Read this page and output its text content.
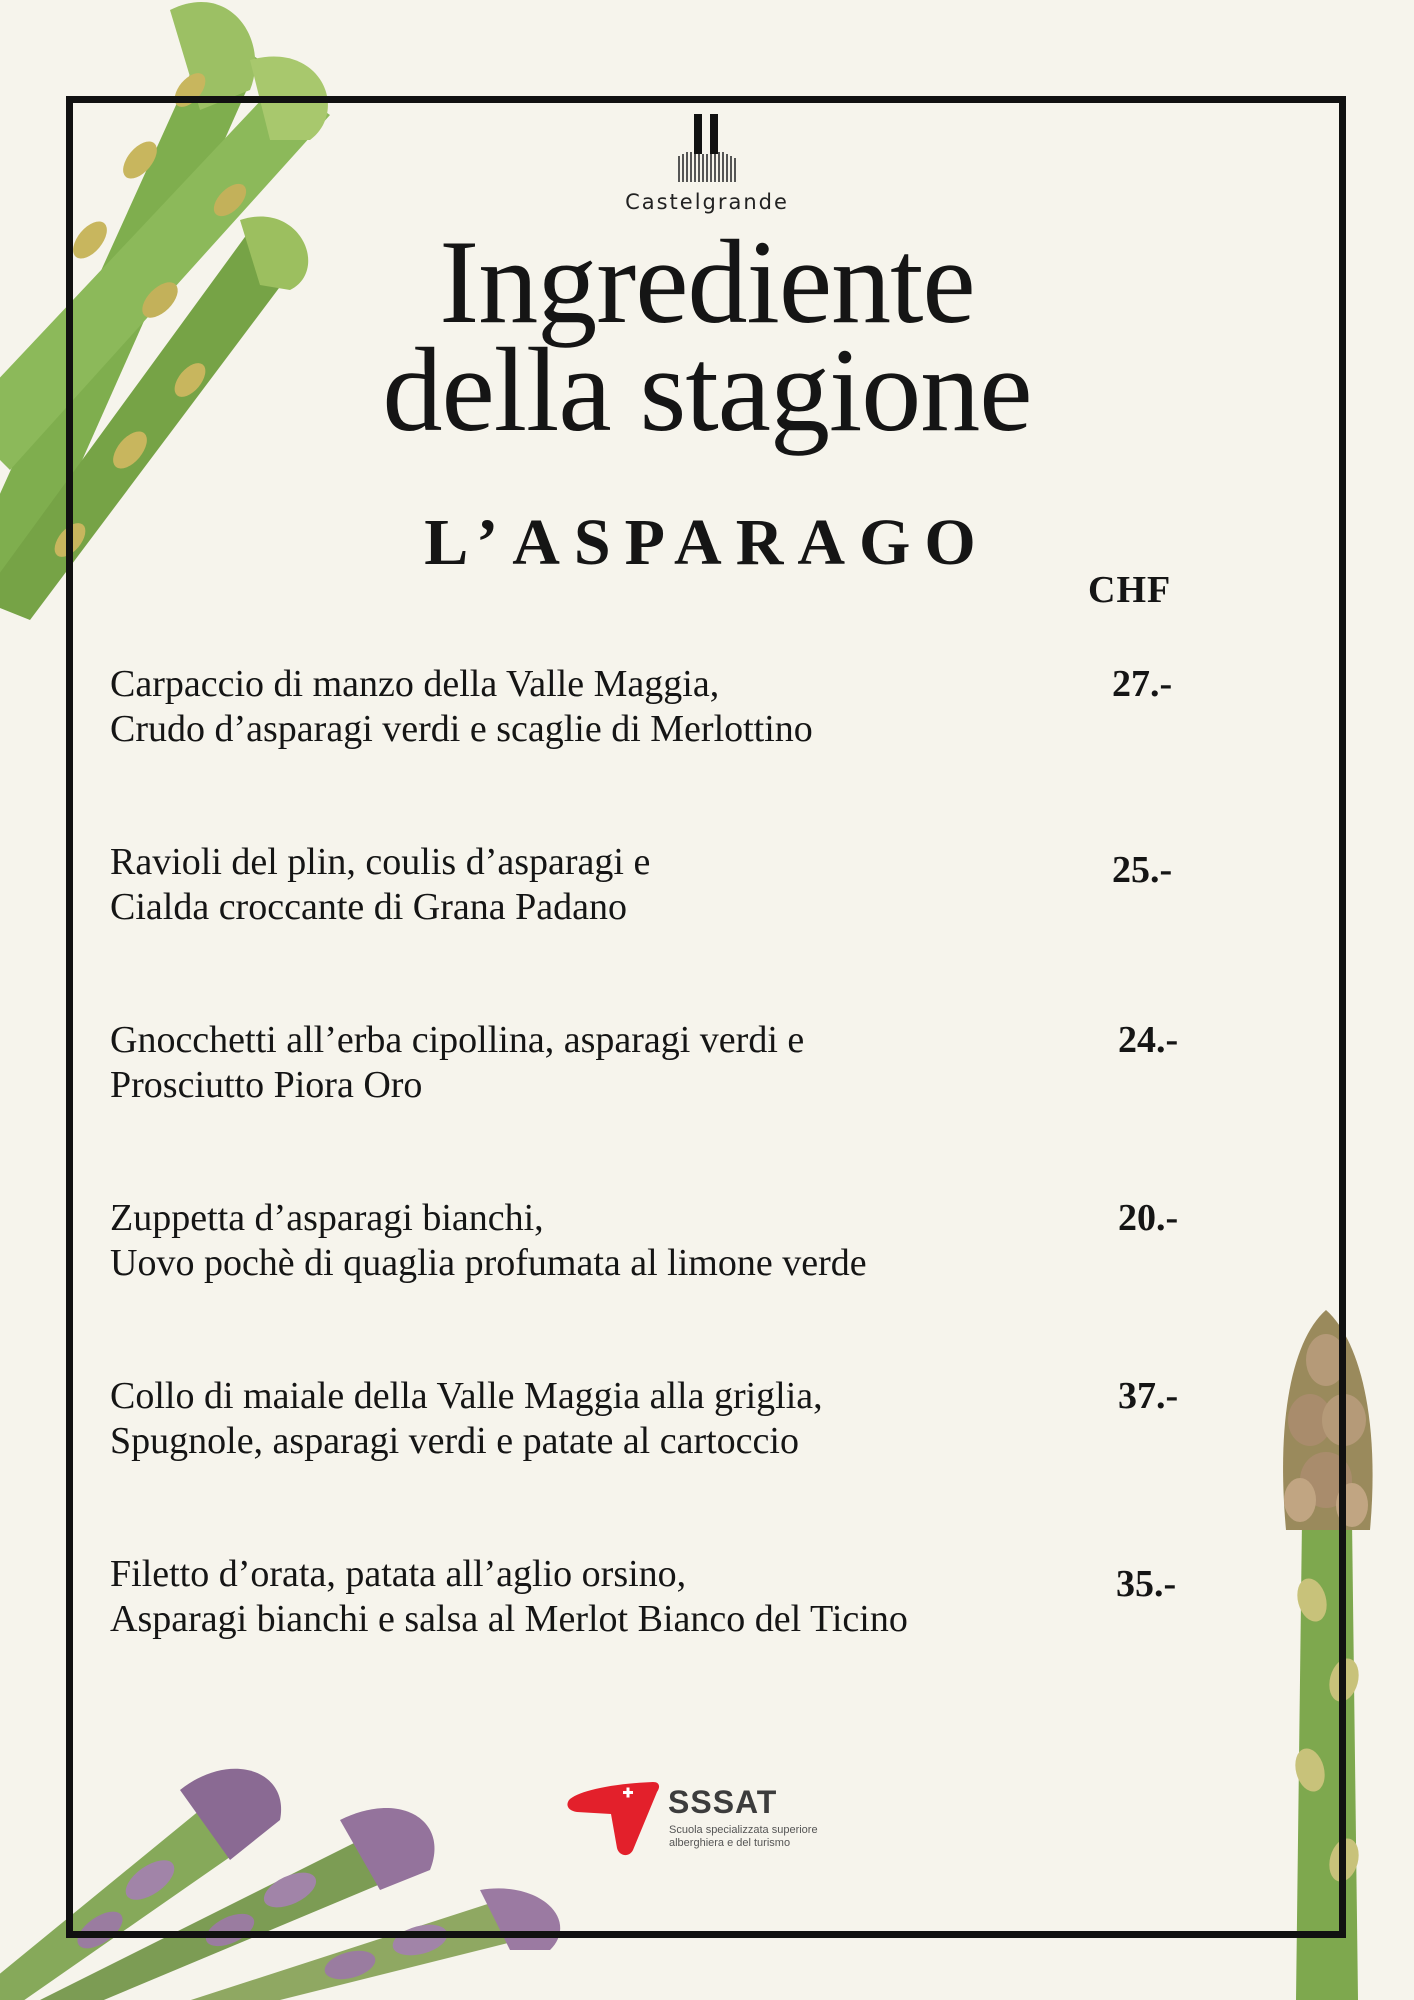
Castelgrande
Ingrediente
della stagione
L’ASPARAGO
CHF
Carpaccio di manzo della Valle Maggia,
Crudo d’asparagi verdi e scaglie di Merlottino
27.-
Ravioli del plin, coulis d’asparagi e
Cialda croccante di Grana Padano
25.-
Gnocchetti all’erba cipollina, asparagi verdi e
Prosciutto Piora Oro
24.-
Zuppetta d’asparagi bianchi,
Uovo pochè di quaglia profumata al limone verde
20.-
Collo di maiale della Valle Maggia alla griglia,
Spugnole, asparagi verdi e patate al cartoccio
37.-
Filetto d’orata, patata all’aglio orsino,
Asparagi bianchi e salsa al Merlot Bianco del Ticino
35.-
SSSAT
Scuola specializzata superiore
alberghiera e del turismo
